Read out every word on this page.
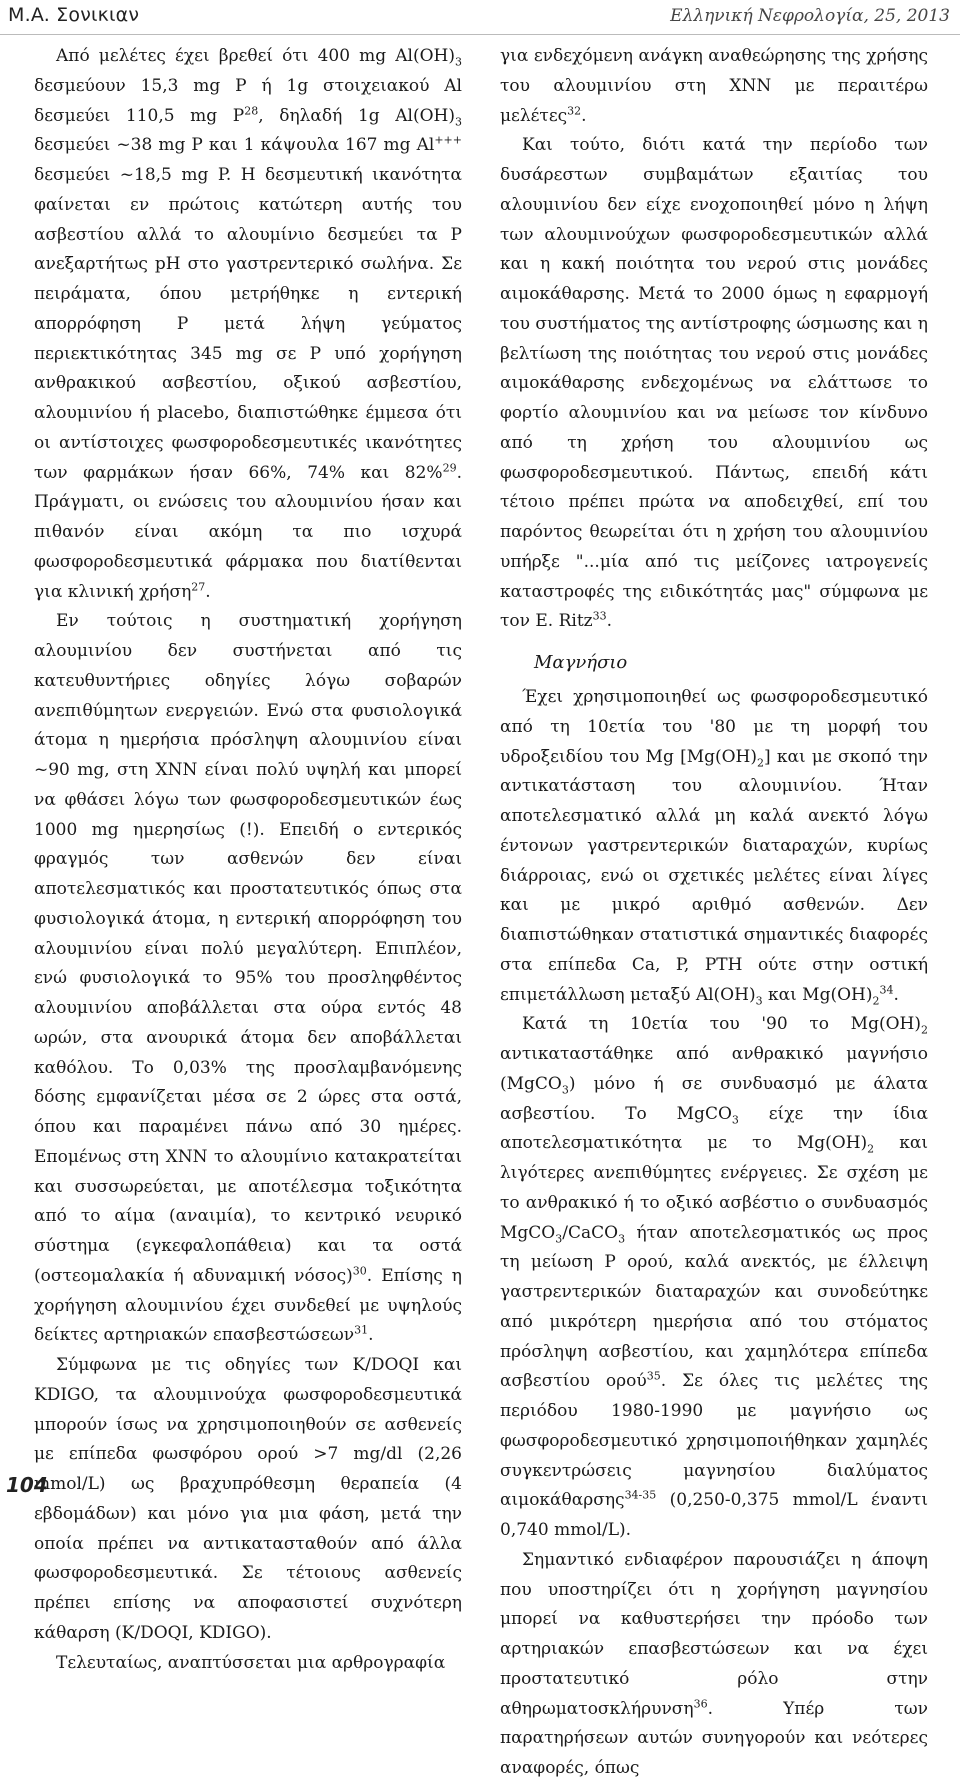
M.A. Σονικιαν	Ελληνική Νεφρολογία, 25, 2013

Από μελέτες έχει βρεθεί ότι 400 mg $Al(OH)_3$ δεσμεύουν 15,3 mg P ή 1g στοιχειακού Al δεσμεύει 110,5 mg $P^{28}$, δηλαδή 1g $Al(OH)_3$ δεσμεύει ~38 mg P και 1 κάψουλα 167 mg Al+++ δεσμεύει ~18,5 mg P. Η δεσμευτική ικανότητα φαίνεται εν πρώτοις κατώτερη αυτής του ασβεστίου αλλά το αλουμίνιο δεσμεύει τα P ανεξαρτήτως pH στο γαστρεντερικό σωλήνα. Σε πειράματα, όπου μετρήθηκε η εντερική απορρόφηση P μετά λήψη γεύματος περιεκτικότητας 345 mg σε P υπό χορήγηση ανθρακικού ασβεστίου, οξικού ασβεστίου, αλουμινίου ή placebo, διαπιστώθηκε έμμεσα ότι οι αντίστοιχες φωσφοροδεσμευτικές ικανότητες των φαρμάκων ήσαν 66%, 74% και 82%$^{29}$. Πράγματι, οι ενώσεις του αλουμινίου ήσαν και πιθανόν είναι ακόμη τα πιο ισχυρά φωσφοροδεσμευτικά φάρμακα που διατίθενται για κλινική χρήση$^{27}$.

Εν τούτοις η συστηματική χορήγηση αλουμινίου δεν συστήνεται από τις κατευθυντήριες οδηγίες λόγω σοβαρών ανεπιθύμητων ενεργειών. Ενώ στα φυσιολογικά άτομα η ημερήσια πρόσληψη αλουμινίου είναι ~90 mg, στη ΧΝΝ είναι πολύ υψηλή και μπορεί να φθάσει λόγω των φωσφοροδεσμευτικών έως 1000 mg ημερησίως (!). Επειδή ο εντερικός φραγμός των ασθενών δεν είναι αποτελεσματικός και προστατευτικός όπως στα φυσιολογικά άτομα, η εντερική απορρόφηση του αλουμινίου είναι πολύ μεγαλύτερη. Επιπλέον, ενώ φυσιολογικά το 95% του προσληφθέντος αλουμινίου αποβάλλεται στα ούρα εντός 48 ωρών, στα ανουρικά άτομα δεν αποβάλλεται καθόλου. Το 0,03% της προσλαμβανόμενης δόσης εμφανίζεται μέσα σε 2 ώρες στα οστά, όπου και παραμένει πάνω από 30 ημέρες. Επομένως στη ΧΝΝ το αλουμίνιο κατακρατείται και συσσωρεύεται, με αποτέλεσμα τοξικότητα από το αίμα (αναιμία), το κεντρικό νευρικό σύστημα (εγκεφαλοπάθεια) και τα οστά (οστεομαλακία ή αδυναμική νόσος)$^{30}$. Επίσης η χορήγηση αλουμινίου έχει συνδεθεί με υψηλούς δείκτες αρτηριακών επασβεστώσεων$^{31}$.

Σύμφωνα με τις οδηγίες των K/DOQI και KDIGO, τα αλουμινούχα φωσφοροδεσμευτικά μπορούν ίσως να χρησιμοποιηθούν σε ασθενείς με επίπεδα φωσφόρου ορού >7 mg/dl (2,26 mmol/L) ως βραχυπρόθεσμη θεραπεία (4 εβδομάδων) και μόνο για μια φάση, μετά την οποία πρέπει να αντικατασταθούν από άλλα φωσφοροδεσμευτικά. Σε τέτοιους ασθενείς πρέπει επίσης να αποφασιστεί συχνότερη κάθαρση (K/DOQI, KDIGO).

Τελευταίως, αναπτύσσεται μια αρθρογραφία

για ενδεχόμενη ανάγκη αναθεώρησης της χρήσης του αλουμινίου στη ΧΝΝ με περαιτέρω μελέτες$^{32}$.

Και τούτο, διότι κατά την περίοδο των δυσάρεστων συμβαμάτων εξαιτίας του αλουμινίου δεν είχε ενοχοποιηθεί μόνο η λήψη των αλουμινούχων φωσφοροδεσμευτικών αλλά και η κακή ποιότητα του νερού στις μονάδες αιμοκάθαρσης. Μετά το 2000 όμως η εφαρμογή του συστήματος της αντίστροφης ώσμωσης και η βελτίωση της ποιότητας του νερού στις μονάδες αιμοκάθαρσης ενδεχομένως να ελάττωσε το φορτίο αλουμινίου και να μείωσε τον κίνδυνο από τη χρήση του αλουμινίου ως φωσφοροδεσμευτικού. Πάντως, επειδή κάτι τέτοιο πρέπει πρώτα να αποδειχθεί, επί του παρόντος θεωρείται ότι η χρήση του αλουμινίου υπήρξε "...μία από τις μείζονες ιατρογενείς καταστροφές της ειδικότητάς μας" σύμφωνα με τον E. Ritz$^{33}$.

Μαγνήσιο

Έχει χρησιμοποιηθεί ως φωσφοροδεσμευτικό από τη 10ετία του '80 με τη μορφή του υδροξειδίου του Mg $[Mg(OH)_2]$ και με σκοπό την αντικατάσταση του αλουμινίου. Ήταν αποτελεσματικό αλλά μη καλά ανεκτό λόγω έντονων γαστρεντερικών διαταραχών, κυρίως διάρροιας, ενώ οι σχετικές μελέτες είναι λίγες και με μικρό αριθμό ασθενών. Δεν διαπιστώθηκαν στατιστικά σημαντικές διαφορές στα επίπεδα Ca, P, PTH ούτε στην οστική επιμετάλλωση μεταξύ $Al(OH)_3$ και $Mg(OH)_2^{34}$.

Κατά τη 10ετία του '90 το $Mg(OH)_2$ αντικαταστάθηκε από ανθρακικό μαγνήσιο (MgCO$_3$) μόνο ή σε συνδυασμό με άλατα ασβεστίου. Το MgCO$_3$ είχε την ίδια αποτελεσματικότητα με το $Mg(OH)_2$ και λιγότερες ανεπιθύμητες ενέργειες. Σε σχέση με το ανθρακικό ή το οξικό ασβέστιο ο συνδυασμός MgCO$_3$/CaCO$_3$ ήταν αποτελεσματικός ως προς τη μείωση P ορού, καλά ανεκτός, με έλλειψη γαστρεντερικών διαταραχών και συνοδεύτηκε από μικρότερη ημερήσια από του στόματος πρόσληψη ασβεστίου, και χαμηλότερα επίπεδα ασβεστίου ορού$^{35}$. Σε όλες τις μελέτες της περιόδου 1980-1990 με μαγνήσιο ως φωσφοροδεσμευτικό χρησιμοποιήθηκαν χαμηλές συγκεντρώσεις μαγνησίου διαλύματος αιμοκάθαρσης$^{34-35}$ (0,250-0,375 mmol/L έναντι 0,740 mmol/L).

Σημαντικό ενδιαφέρον παρουσιάζει η άποψη που υποστηρίζει ότι η χορήγηση μαγνησίου μπορεί να καθυστερήσει την πρόοδο των αρτηριακών επασβεστώσεων και να έχει προστατευτικό ρόλο στην αθηρωματοσκλήρυνση$^{36}$. Υπέρ των παρατηρήσεων αυτών συνηγορούν και νεότερες αναφορές, όπως

104
